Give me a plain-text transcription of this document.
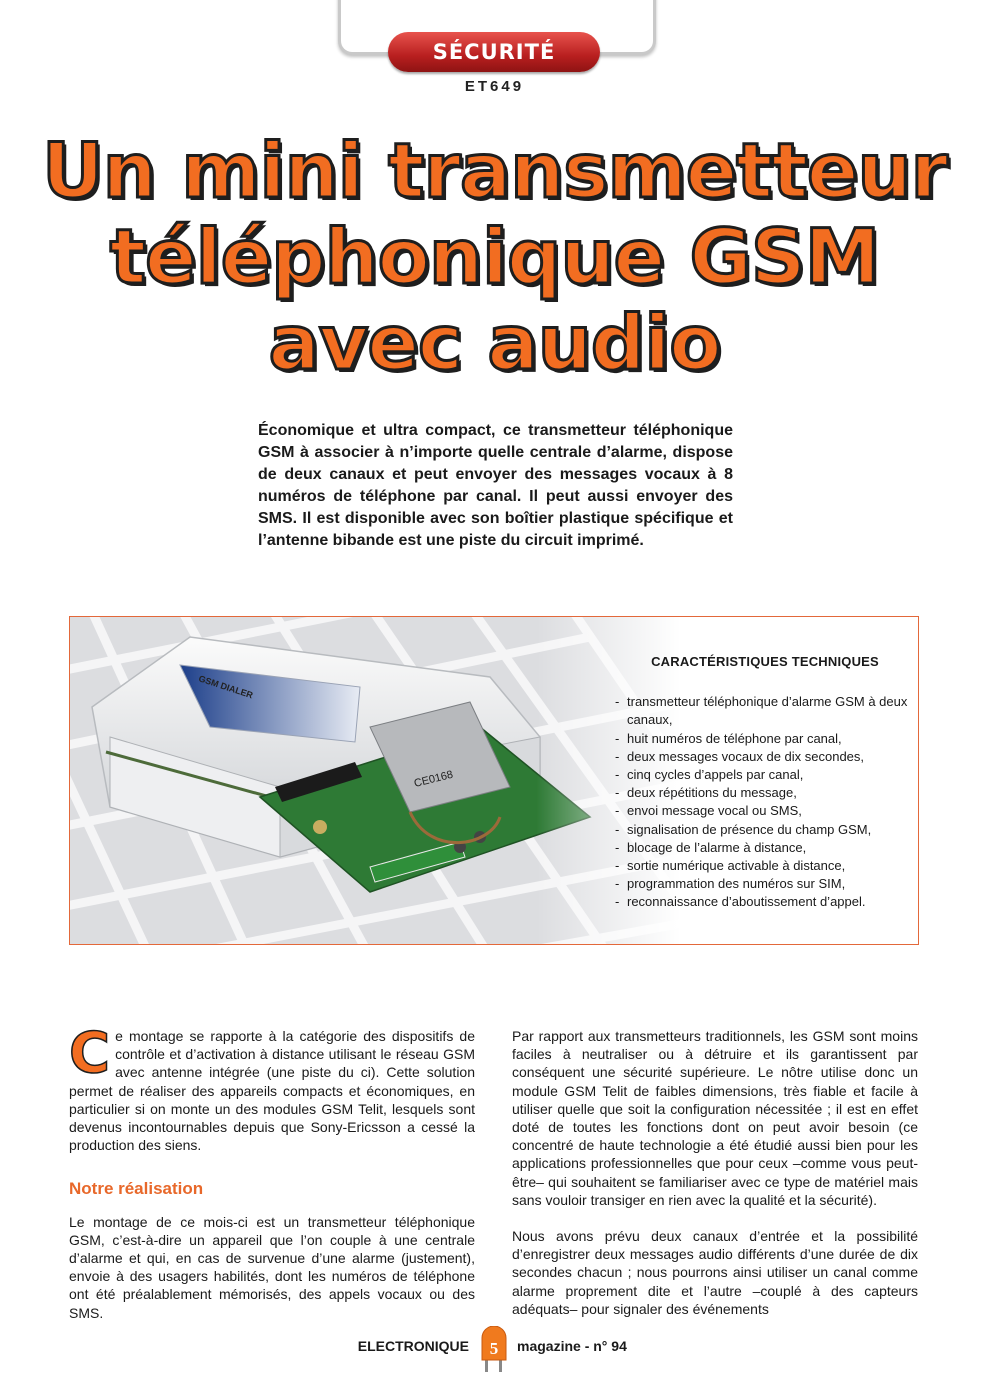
SÉCURITÉ
ET649
Un mini transmetteur
téléphonique GSM
avec audio
Économique et ultra compact, ce transmetteur téléphonique GSM à associer à n’importe quelle centrale d’alarme, dispose de deux canaux et peut envoyer des messages vocaux à 8 numéros de téléphone par canal. Il peut aussi envoyer des SMS. Il est disponible avec son boîtier plastique spécifique et l’antenne bibande est une piste du circuit imprimé.
CARACTÉRISTIQUES TECHNIQUES
- transmetteur téléphonique d’alarme GSM à deux canaux,
- huit numéros de téléphone par canal,
- deux messages vocaux de dix secondes,
- cinq cycles d’appels par canal,
- deux répétitions du message,
- envoi message vocal ou SMS,
- signalisation de présence du champ GSM,
- blocage de l’alarme à distance,
- sortie numérique activable à distance,
- programmation des numéros sur SIM,
- reconnaissance d’aboutissement d’appel.

Ce montage se rapporte à la catégorie des dispositifs de contrôle et d’activation à distance utilisant le réseau GSM avec antenne intégrée (une piste du ci). Cette solution permet de réaliser des appareils compacts et économiques, en particulier si on monte un des modules GSM Telit, lesquels sont devenus incontournables depuis que Sony-Ericsson a cessé la production des siens.

Notre réalisation

Le montage de ce mois-ci est un transmetteur téléphonique GSM, c’est-à-dire un appareil que l’on couple à une centrale d’alarme et qui, en cas de survenue d’une alarme (justement), envoie à des usagers habilités, dont les numéros de téléphone ont été préalablement mémorisés, des appels vocaux ou des SMS.

Par rapport aux transmetteurs traditionnels, les GSM sont moins faciles à neutraliser ou à détruire et ils garantissent par conséquent une sécurité supérieure. Le nôtre utilise donc un module GSM Telit de faibles dimensions, très fiable et facile à utiliser quelle que soit la configuration nécessitée ; il est en effet doté de toutes les fonctions dont on peut avoir besoin (ce concentré de haute technologie a été étudié aussi bien pour les applications professionnelles que pour ceux –comme vous peut-être– qui souhaitent se familiariser avec ce type de matériel mais sans vouloir transiger en rien avec la qualité et la sécurité).

Nous avons prévu deux canaux d’entrée et la possibilité d’enregistrer deux messages audio différents d’une durée de dix secondes chacun ; nous pourrons ainsi utiliser un canal comme alarme proprement dite et l’autre –couplé à des capteurs adéquats– pour signaler des événements

ELECTRONIQUE 5 magazine - n° 94
